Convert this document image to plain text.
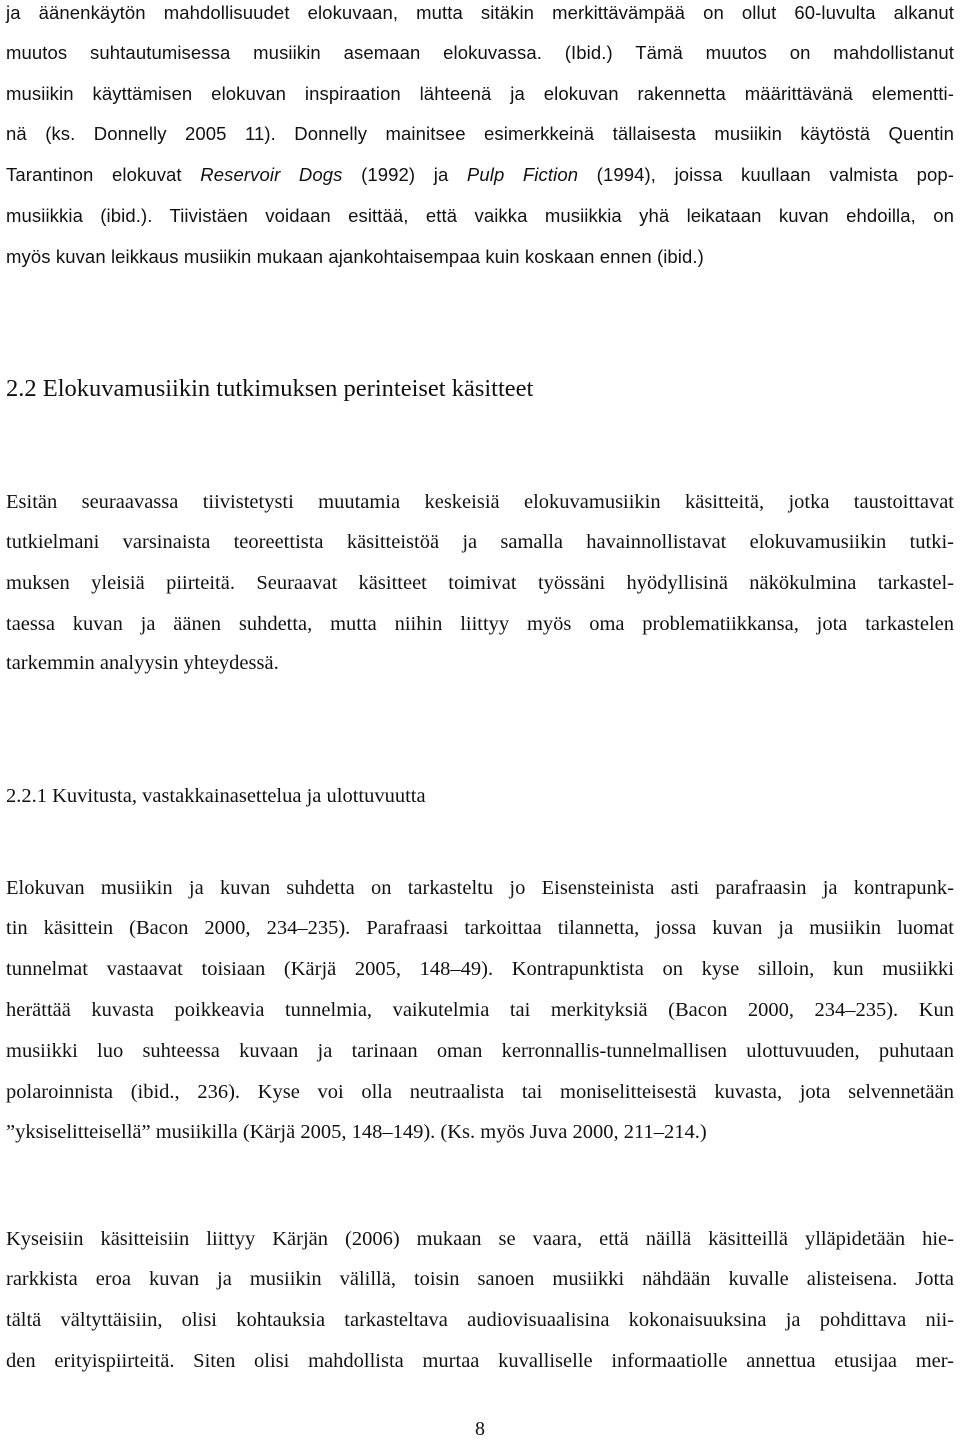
ja äänenkäytön mahdollisuudet elokuvaan, mutta sitäkin merkittävämpää on ollut 60-luvulta alkanut
muutos suhtautumisessa musiikin asemaan elokuvassa. (Ibid.) Tämä muutos on mahdollistanut
musiikin käyttämisen elokuvan inspiraation lähteenä ja elokuvan rakennetta määrittävänä elementti-
nä (ks. Donnelly 2005 11). Donnelly mainitsee esimerkkeinä tällaisesta musiikin käytöstä Quentin
Tarantinon elokuvat Reservoir Dogs (1992) ja Pulp Fiction (1994), joissa kuullaan valmista pop-
musiikkia (ibid.). Tiivistäen voidaan esittää, että vaikka musiikkia yhä leikataan kuvan ehdoilla, on
myös kuvan leikkaus musiikin mukaan ajankohtaisempaa kuin koskaan ennen (ibid.)
2.2 Elokuvamusiikin tutkimuksen perinteiset käsitteet
Esitän seuraavassa tiivistetysti muutamia keskeisiä elokuvamusiikin käsitteitä, jotka taustoittavat
tutkielmani varsinaista teoreettista käsitteistöä ja samalla havainnollistavat elokuvamusiikin tutki-
muksen yleisiä piirteitä. Seuraavat käsitteet toimivat työssäni hyödyllisinä näkökulmina tarkastel-
taessa kuvan ja äänen suhdetta, mutta niihin liittyy myös oma problematiikkansa, jota tarkastelen
tarkemmin analyysin yhteydessä.
2.2.1 Kuvitusta, vastakkainasettelua ja ulottuvuutta
Elokuvan musiikin ja kuvan suhdetta on tarkasteltu jo Eisensteinista asti parafraasin ja kontrapunk-
tin käsittein (Bacon 2000, 234–235). Parafraasi tarkoittaa tilannetta, jossa kuvan ja musiikin luomat
tunnelmat vastaavat toisiaan (Kärjä 2005, 148–49). Kontrapunktista on kyse silloin, kun musiikki
herättää kuvasta poikkeavia tunnelmia, vaikutelmia tai merkityksiä (Bacon 2000, 234–235). Kun
musiikki luo suhteessa kuvaan ja tarinaan oman kerronnallis-tunnelmallisen ulottuvuuden, puhutaan
polaroinnista (ibid., 236). Kyse voi olla neutraalista tai moniselitteisestä kuvasta, jota selvennetään
”yksiselitteisellä” musiikilla (Kärjä 2005, 148–149). (Ks. myös Juva 2000, 211–214.)
Kyseisiin käsitteisiin liittyy Kärjän (2006) mukaan se vaara, että näillä käsitteillä ylläpidetään hie-
rarkkista eroa kuvan ja musiikin välillä, toisin sanoen musiikki nähdään kuvalle alisteisena. Jotta
tältä vältyttäisiin, olisi kohtauksia tarkasteltava audiovisuaalisina kokonaisuuksina ja pohdittava nii-
den erityispiirteitä. Siten olisi mahdollista murtaa kuvalliselle informaatiolle annettua etusijaa mer-
8
